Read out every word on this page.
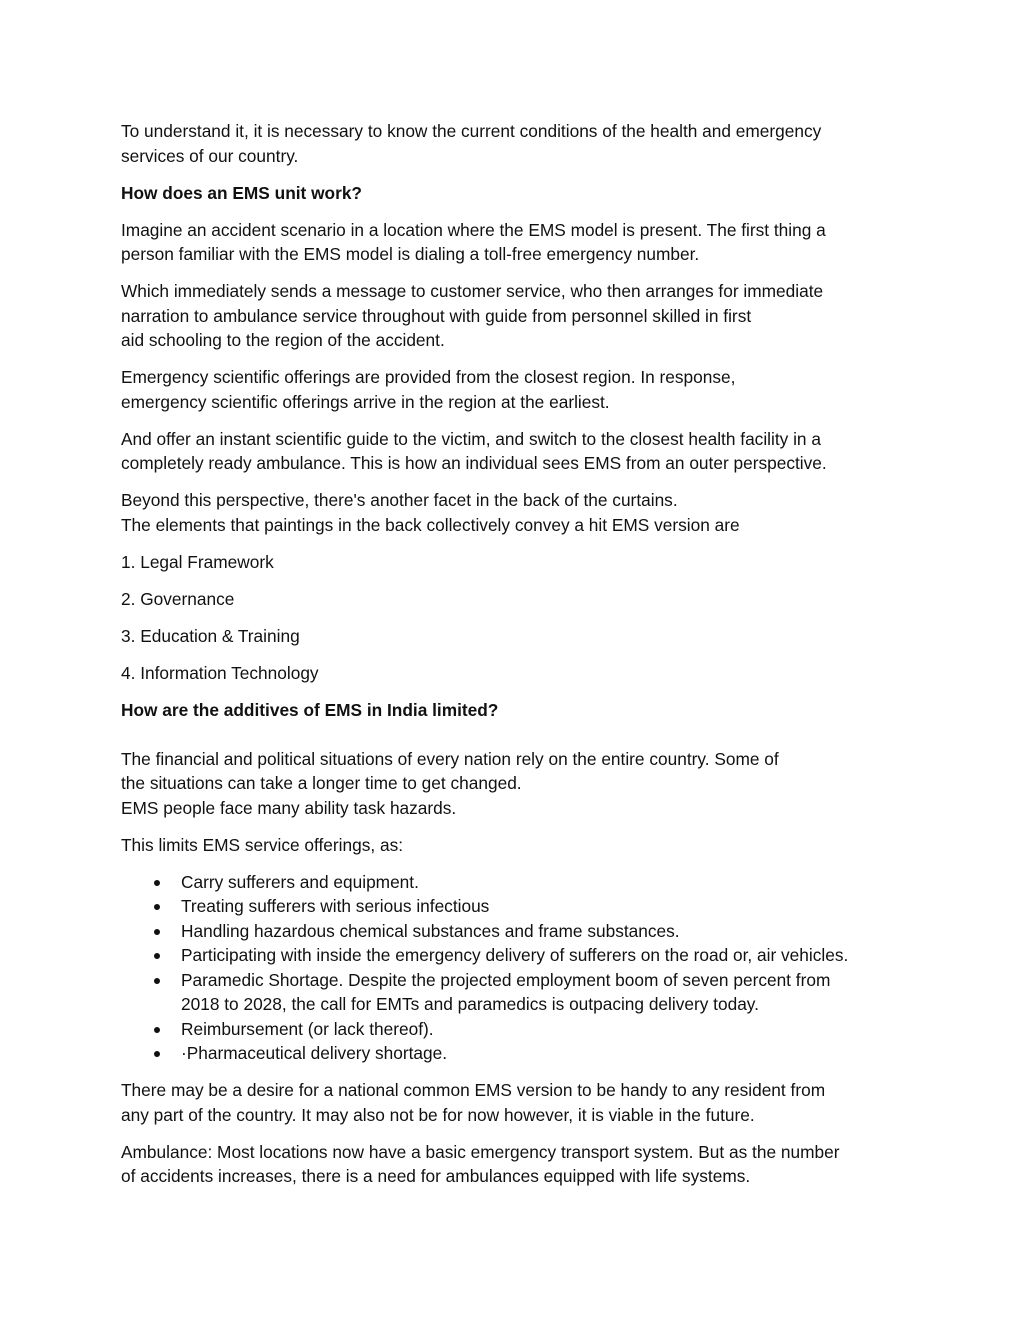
To understand it, it is necessary to know the current conditions of the health and emergency
services of our country.

How does an EMS unit work?

Imagine an accident scenario in a location where the EMS model is present. The first thing a
person familiar with the EMS model is dialing a toll-free emergency number.

Which immediately sends a message to customer service, who then arranges for immediate
narration to ambulance service throughout with guide from personnel skilled in first
aid schooling to the region of the accident.

Emergency scientific offerings are provided from the closest region. In response,
emergency scientific offerings arrive in the region at the earliest.

And offer an instant scientific guide to the victim, and switch to the closest health facility in a
completely ready ambulance. This is how an individual sees EMS from an outer perspective.

Beyond this perspective, there's another facet in the back of the curtains.
The elements that paintings in the back collectively convey a hit EMS version are

1. Legal Framework

2. Governance

3. Education & Training

4. Information Technology

How are the additives of EMS in India limited?

The financial and political situations of every nation rely on the entire country. Some of
the situations can take a longer time to get changed.
EMS people face many ability task hazards.

This limits EMS service offerings, as:

Carry sufferers and equipment.
Treating sufferers with serious infectious
Handling hazardous chemical substances and frame substances.
Participating with inside the emergency delivery of sufferers on the road or, air vehicles.
Paramedic Shortage. Despite the projected employment boom of seven percent from
2018 to 2028, the call for EMTs and paramedics is outpacing delivery today.
Reimbursement (or lack thereof).
·Pharmaceutical delivery shortage.

There may be a desire for a national common EMS version to be handy to any resident from
any part of the country. It may also not be for now however, it is viable in the future.

Ambulance: Most locations now have a basic emergency transport system. But as the number
of accidents increases, there is a need for ambulances equipped with life systems.
